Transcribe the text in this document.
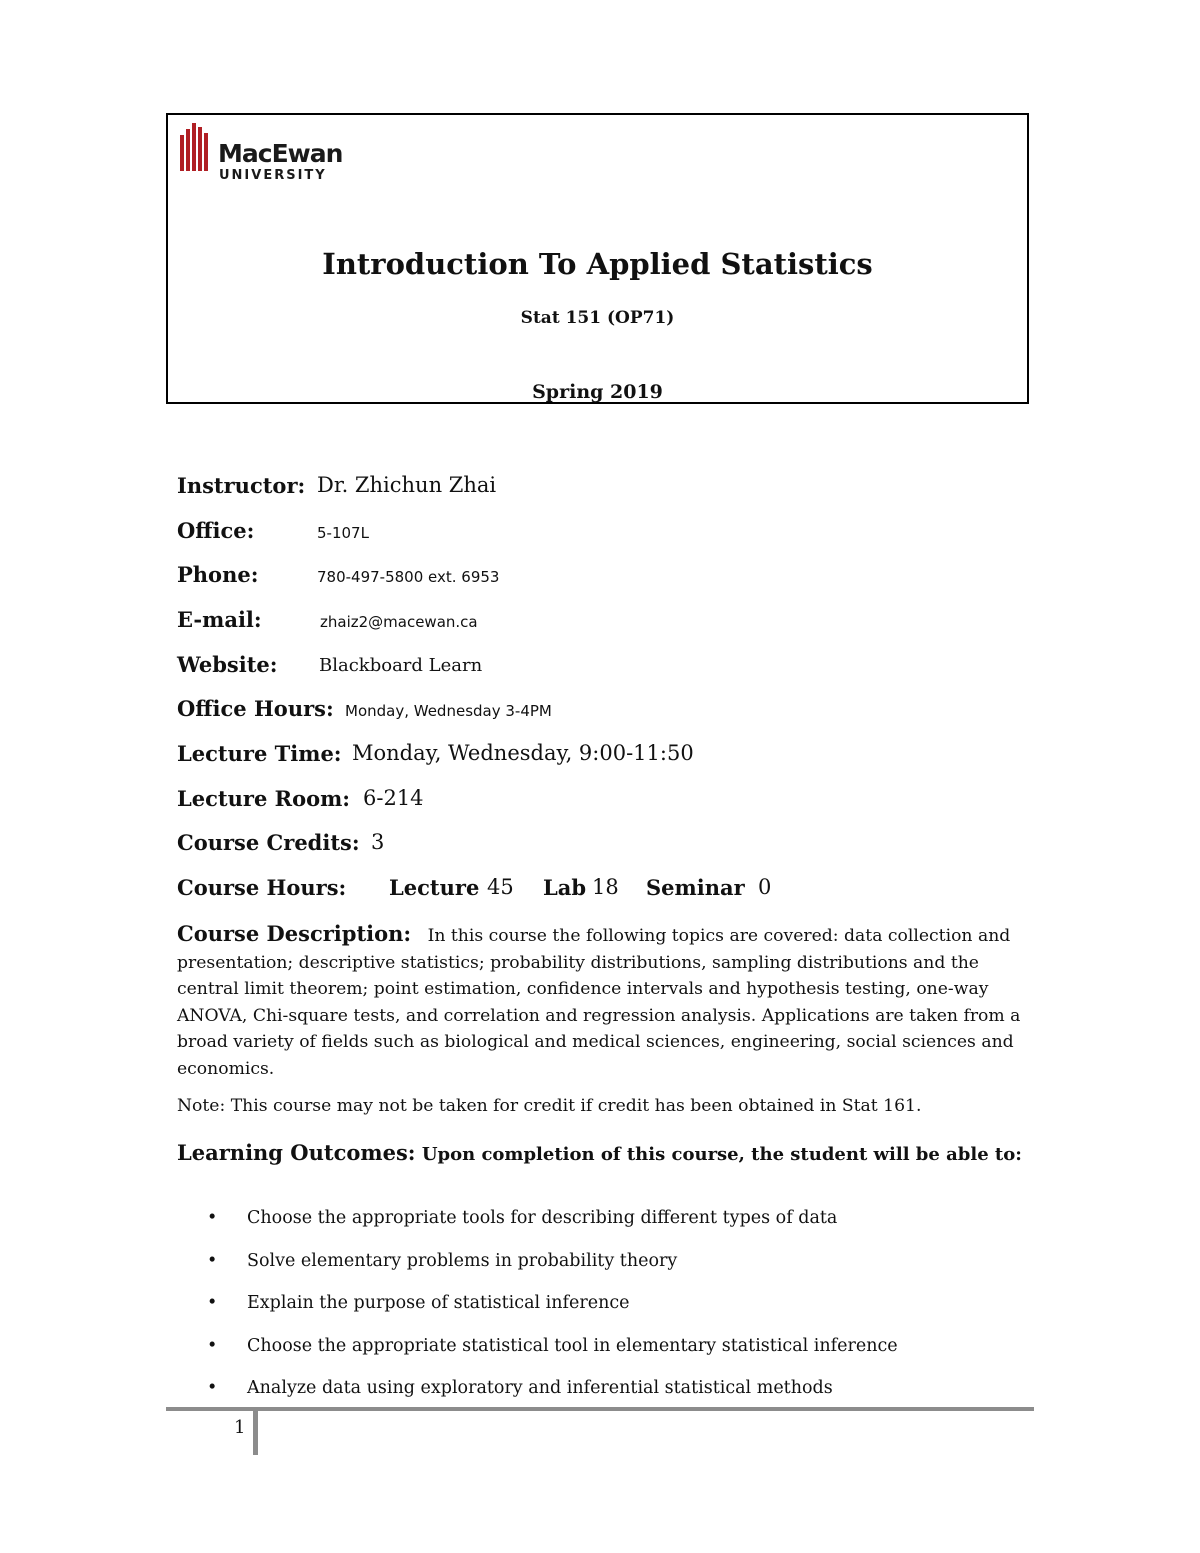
MacEwan
UNIVERSITY
Introduction To Applied Statistics
Stat 151 (OP71)
Spring 2019
Instructor: Dr. Zhichun Zhai
Office:	5-107L
Phone:	780-497-5800 ext. 6953
E-mail:	zhaiz2@macewan.ca
Website: Blackboard Learn
Office Hours: Monday, Wednesday 3-4PM
Lecture Time: Monday, Wednesday, 9:00-11:50
Lecture Room: 6-214
Course Credits: 3
Course Hours: Lecture 45 Lab 18 Seminar 0
Course Description: In this course the following topics are covered: data collection and presentation; descriptive statistics; probability distributions, sampling distributions and the central limit theorem; point estimation, confidence intervals and hypothesis testing, one-way ANOVA, Chi-square tests, and correlation and regression analysis. Applications are taken from a broad variety of fields such as biological and medical sciences, engineering, social sciences and economics.
Note: This course may not be taken for credit if credit has been obtained in Stat 161.
Learning Outcomes: Upon completion of this course, the student will be able to:
• Choose the appropriate tools for describing different types of data
• Solve elementary problems in probability theory
• Explain the purpose of statistical inference
• Choose the appropriate statistical tool in elementary statistical inference
• Analyze data using exploratory and inferential statistical methods
1
